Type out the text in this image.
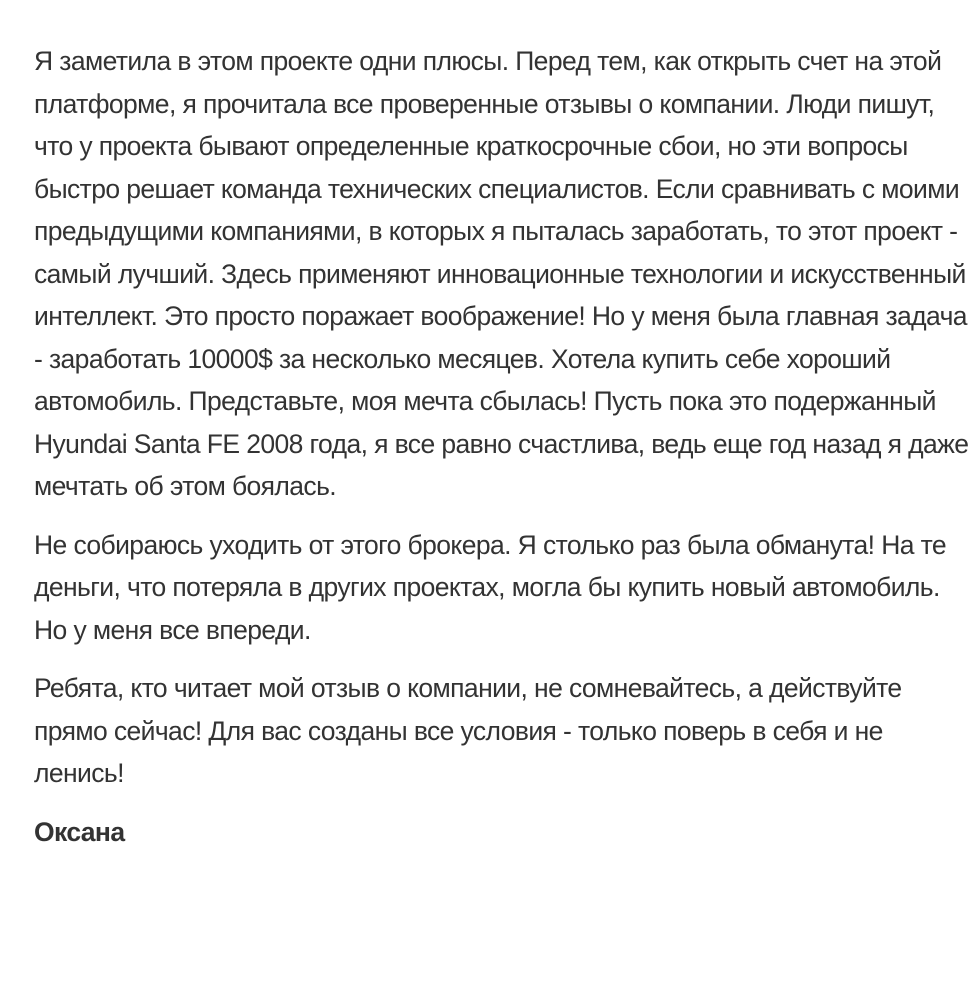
Я заметила в этом проекте одни плюсы. Перед тем, как открыть счет на этой платформе, я прочитала все проверенные отзывы о компании. Люди пишут, что у проекта бывают определенные краткосрочные сбои, но эти вопросы быстро решает команда технических специалистов. Если сравнивать с моими предыдущими компаниями, в которых я пыталась заработать, то этот проект - самый лучший. Здесь применяют инновационные технологии и искусственный интеллект. Это просто поражает воображение! Но у меня была главная задача - заработать 10000$ за несколько месяцев. Хотела купить себе хороший автомобиль. Представьте, моя мечта сбылась! Пусть пока это подержанный Hyundai Santa FE 2008 года, я все равно счастлива, ведь еще год назад я даже мечтать об этом боялась.

Не собираюсь уходить от этого брокера. Я столько раз была обманута! На те деньги, что потеряла в других проектах, могла бы купить новый автомобиль. Но у меня все впереди.

Ребята, кто читает мой отзыв о компании, не сомневайтесь, а действуйте прямо сейчас! Для вас созданы все условия - только поверь в себя и не ленись!

Оксана
